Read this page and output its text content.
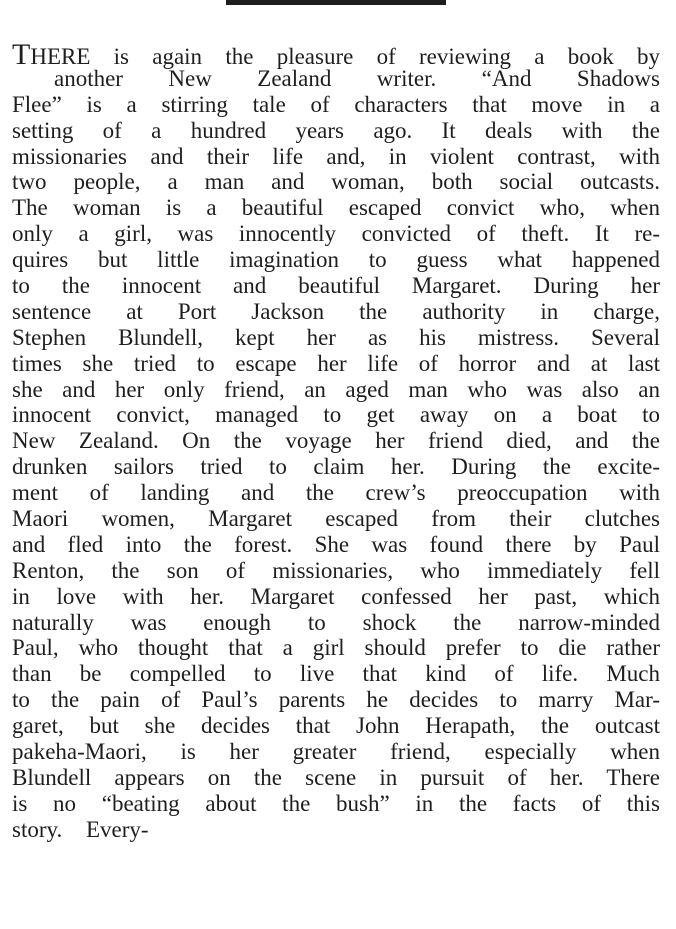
THERE is again the pleasure of reviewing a book by
another New Zealand writer. “And Shadows
Flee” is a stirring tale of characters that move in a
setting of a hundred years ago. It deals with the
missionaries and their life and, in violent contrast, with
two people, a man and woman, both social outcasts.
The woman is a beautiful escaped convict who, when
only a girl, was innocently convicted of theft. It re-
quires but little imagination to guess what happened
to the innocent and beautiful Margaret. During her
sentence at Port Jackson the authority in charge,
Stephen Blundell, kept her as his mistress. Several
times she tried to escape her life of horror and at last
she and her only friend, an aged man who was also an
innocent convict, managed to get away on a boat to
New Zealand. On the voyage her friend died, and the
drunken sailors tried to claim her. During the excite-
ment of landing and the crew’s preoccupation with
Maori women, Margaret escaped from their clutches
and fled into the forest. She was found there by Paul
Renton, the son of missionaries, who immediately fell
in love with her. Margaret confessed her past, which
naturally was enough to shock the narrow-minded
Paul, who thought that a girl should prefer to die rather
than be compelled to live that kind of life. Much
to the pain of Paul’s parents he decides to marry Mar-
garet, but she decides that John Herapath, the outcast
pakeha-Maori, is her greater friend, especially when
Blundell appears on the scene in pursuit of her. There
is no “beating about the bush” in the facts of this
story. Every-
